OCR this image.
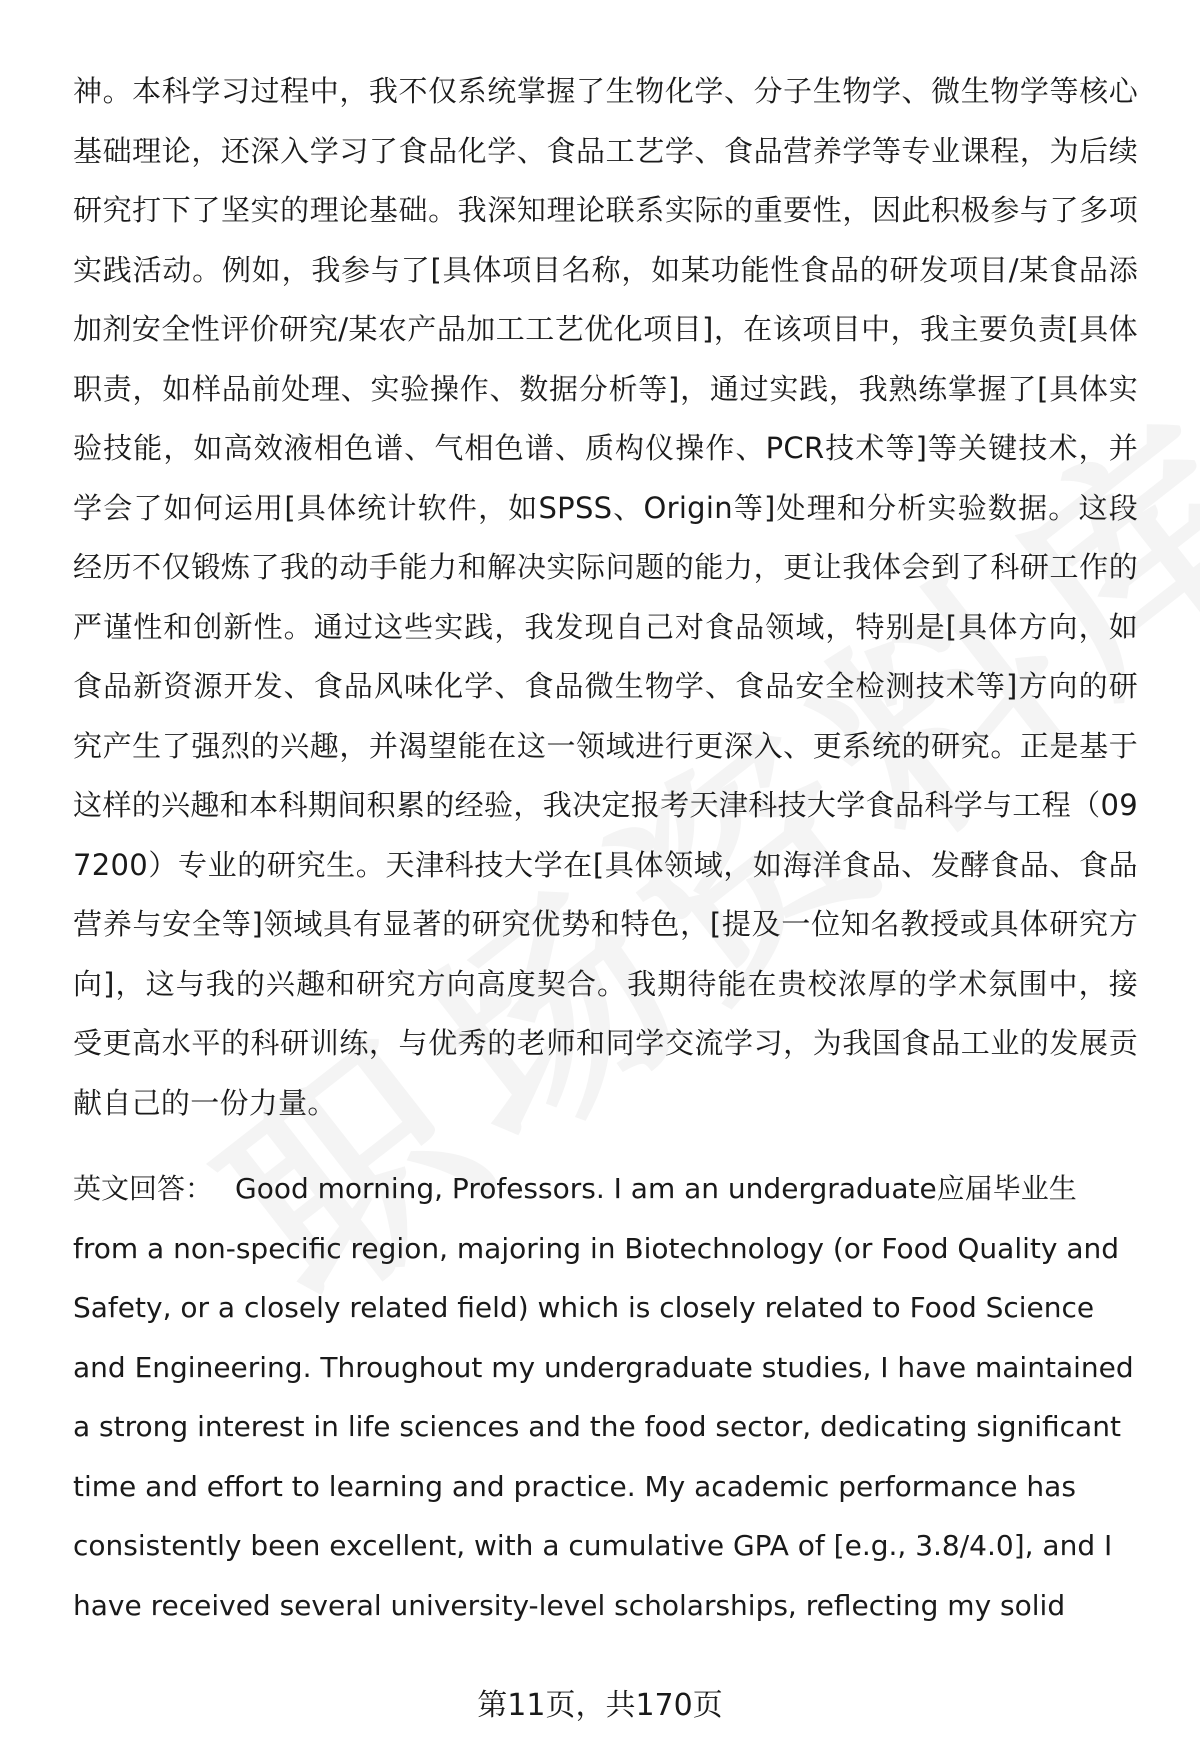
神。本科学习过程中，我不仅系统掌握了生物化学、分子生物学、微生物学等核心基础理论，还深入学习了食品化学、食品工艺学、食品营养学等专业课程，为后续研究打下了坚实的理论基础。我深知理论联系实际的重要性，因此积极参与了多项实践活动。例如，我参与了[具体项目名称，如某功能性食品的研发项目/某食品添加剂安全性评价研究/某农产品加工工艺优化项目]，在该项目中，我主要负责[具体职责，如样品前处理、实验操作、数据分析等]，通过实践，我熟练掌握了[具体实验技能，如高效液相色谱、气相色谱、质构仪操作、PCR技术等]等关键技术，并学会了如何运用[具体统计软件，如SPSS、Origin等]处理和分析实验数据。这段经历不仅锻炼了我的动手能力和解决实际问题的能力，更让我体会到了科研工作的严谨性和创新性。通过这些实践，我发现自己对食品领域，特别是[具体方向，如食品新资源开发、食品风味化学、食品微生物学、食品安全检测技术等]方向的研究产生了强烈的兴趣，并渴望能在这一领域进行更深入、更系统的研究。正是基于这样的兴趣和本科期间积累的经验，我决定报考天津科技大学食品科学与工程（097200）专业的研究生。天津科技大学在[具体领域，如海洋食品、发酵食品、食品营养与安全等]领域具有显著的研究优势和特色，[提及一位知名教授或具体研究方向]，这与我的兴趣和研究方向高度契合。我期待能在贵校浓厚的学术氛围中，接受更高水平的科研训练，与优秀的老师和同学交流学习，为我国食品工业的发展贡献自己的一份力量。

英文回答： Good morning, Professors. I am an undergraduate应届毕业生 from a non-specific region, majoring in Biotechnology (or Food Quality and Safety, or a closely related field) which is closely related to Food Science and Engineering. Throughout my undergraduate studies, I have maintained a strong interest in life sciences and the food sector, dedicating significant time and effort to learning and practice. My academic performance has consistently been excellent, with a cumulative GPA of [e.g., 3.8/4.0], and I have received several university-level scholarships, reflecting my solid

第11页，共170页
